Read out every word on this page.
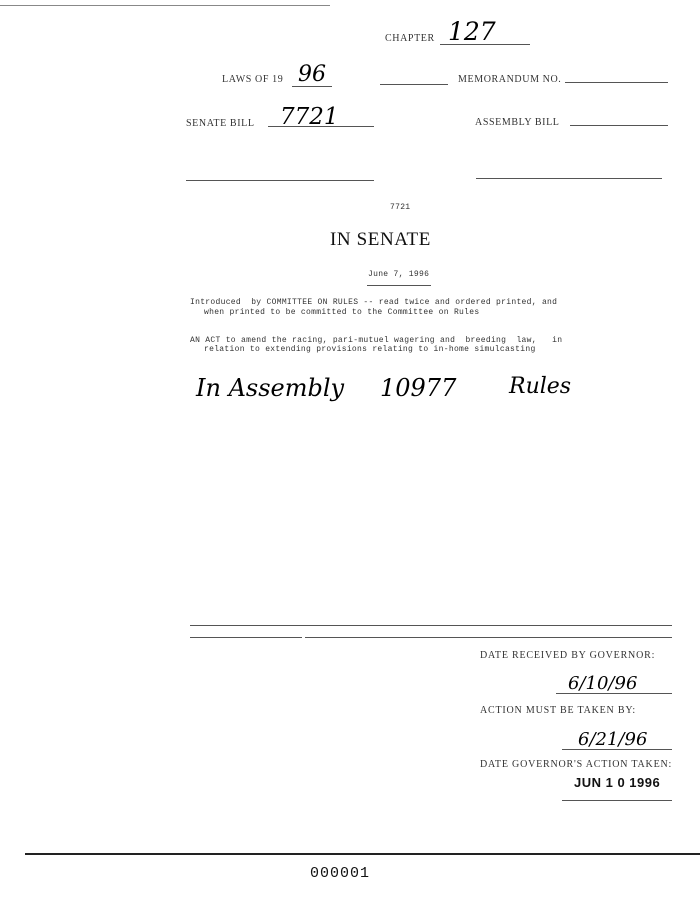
CHAPTER 127
LAWS OF 19 96	MEMORANDUM NO.
SENATE BILL 7721	ASSEMBLY BILL
7721
IN SENATE
June 7, 1996
Introduced  by COMMITTEE ON RULES -- read twice and ordered printed, and
when printed to be committed to the Committee on Rules
AN ACT to amend the racing, pari-mutuel wagering and  breeding  law,   in
relation to extending provisions relating to in-home simulcasting
In Assembly 10977 Rules
DATE RECEIVED BY GOVERNOR:
6/10/96
ACTION MUST BE TAKEN BY:
6/21/96
DATE GOVERNOR'S ACTION TAKEN:
JUN 1 0 1996
000001
